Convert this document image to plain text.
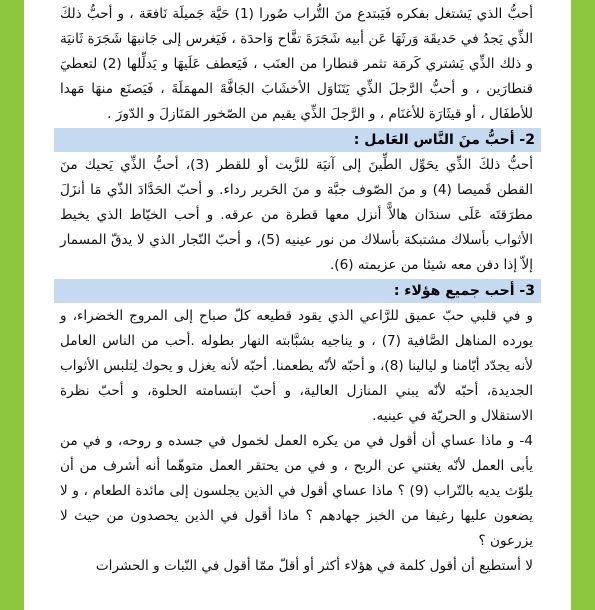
أحبُّ الذي يَشتغل بفكره فَيَبتدع منَ التُّراب صُورا (1) حَيَّة جَميلَة نَافعَة ، و أحبُّ ذلكَ الذِّي يَجدُ في حَديقَة وَرثَهَا عَن أبيه شَجَرَةَ تفَّاح وَاحدَة ، فَيَغرس إلى جَانبهَا شَجَرَة ثَانيَة و ذلك الذِّي يَشتري كَرمَة تثمر قنطارا من العنَب ، فَيَعطف عَلَيهَا و يَدلِّلها (2) لتعطيَ قنطارَين ، و أحبُّ الرَّجلَ الذِّي يَتَنَاوَل الأخشَابَ الجَافَّةَ المهمَلَةَ ، فَيَصنَع منهَا مَهدا للأطفَال ، أو قيثَارَة للأغنَام ، و الرَّجلَ الذِّي يقيم من الصّخور المَنَازلَ و الدّورَ .

2- أحبُّ منَ النَّاس العَامل :

أحبُّ ذلكَ الذِّي يحَوِّل الطِّينَ إلى آنيَة للزَّيت أو للقطر (3)، أحبُّ الذِّي يَحيك منَ القطن قَميصا (4) و منَ الصّوف جبَّة و منَ الحَرير رداء. و أحبّ الحَدَّادَ الذّي مَا أنزَلَ مطرَقتَه عَلَى سندَان هالاًّ أنزل معها قطرة من عرقه. و أحب الخيّاط الذي يخيط الأثواب بأسلاك مشتبكة بأسلاك من نور عينيه (5)، و أحبّ النّجار الذي لا يدقّ المسمار إلاّ إذا دفن معه شيئا من عزيمته (6).

3- أحب جميع هؤلاء :

و في قلبي حبّ عميق للرَّاعي الذي يقود قطيعه كلّ صباح إلى المروج الخضراء، و يورده المناهل الصَّافية (7) ، و يناجيه بشبَّابته النهار بطوله .أحب من الناس العامل لأنه يجدّد أيّامنا و ليالينا (8)، و أحبّه لأنّه يطعمنا. أحبّه لأنه يغزل و يحوك لِتلبس الأثواب الجديدة، أحبّه لأنّه يبني المنازل العالية، و أحبّ ابتسامته الحلوة، و أحبّ نظرة الاستقلال و الحريّة في عينيه.

4- و ماذا عساي أن أقول في من يكره العمل لخمول في جسده و روحه، و في من يأبى العمل لأنّه يغتني عن الربح ، و في من يحتقر العمل متوهّما أنه أشرف من أن يلوّث يديه بالتّراب (9) ؟ ماذا عساي أقول في الذين يجلسون إلى مائدة الطعام ، و لا يضعون عليها رغيفا من الخبز جهادهم ؟ ماذا أقول في الذين يحصدون من حيث لا يزرعون ؟

لا أستطيع أن أقول كلمة في هؤلاء أكثر أو أقلّ ممّا أقول في النّبات و الحشرات
